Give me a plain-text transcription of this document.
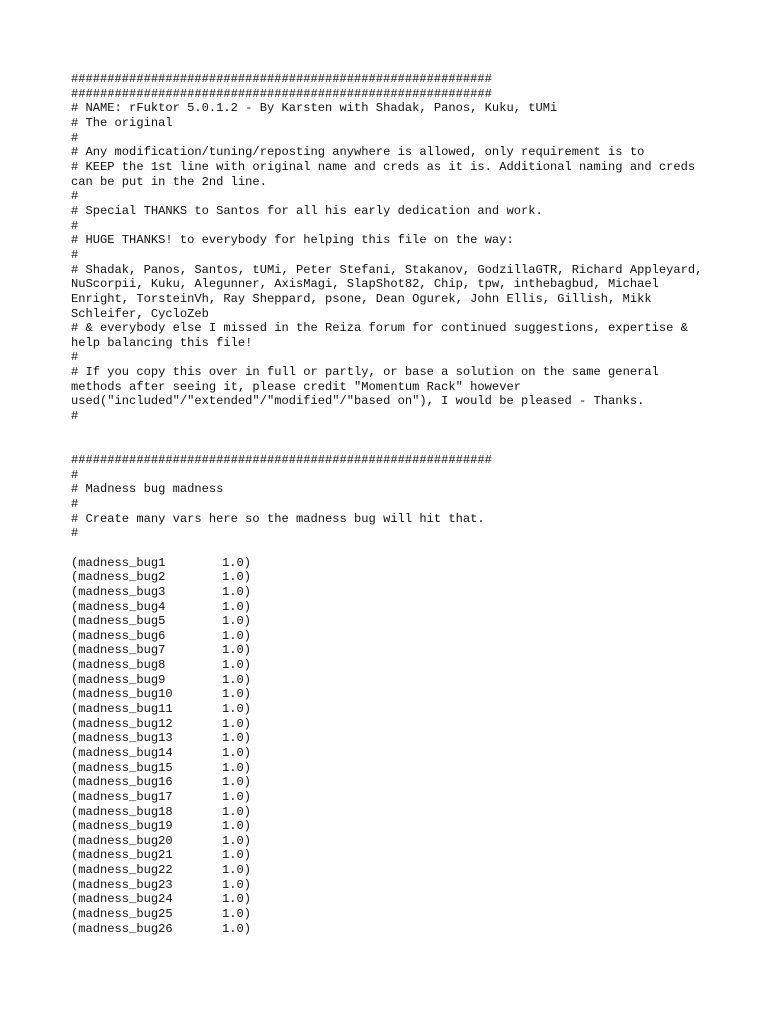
##########################################################
##########################################################
# NAME: rFuktor 5.0.1.2 - By Karsten with Shadak, Panos, Kuku, tUMi
# The original
#
# Any modification/tuning/reposting anywhere is allowed, only requirement is to
# KEEP the 1st line with original name and creds as it is. Additional naming and creds can be put in the 2nd line.
#
# Special THANKS to Santos for all his early dedication and work.
#
# HUGE THANKS! to everybody for helping this file on the way:
#
# Shadak, Panos, Santos, tUMi, Peter Stefani, Stakanov, GodzillaGTR, Richard Appleyard, NuScorpii, Kuku, Alegunner, AxisMagi, SlapShot82, Chip, tpw, inthebagbud, Michael Enright, TorsteinVh, Ray Sheppard, psone, Dean Ogurek, John Ellis, Gillish, Mikk Schleifer, CycloZeb
# & everybody else I missed in the Reiza forum for continued suggestions, expertise & help balancing this file!
#
# If you copy this over in full or partly, or base a solution on the same general methods after seeing it, please credit "Momentum Rack" however used("included"/"extended"/"modified"/"based on"), I would be pleased - Thanks.
#
##########################################################
#
# Madness bug madness
#
# Create many vars here so the madness bug will hit that.
#
(madness_bug1	1.0)
(madness_bug2	1.0)
(madness_bug3	1.0)
(madness_bug4	1.0)
(madness_bug5	1.0)
(madness_bug6	1.0)
(madness_bug7	1.0)
(madness_bug8	1.0)
(madness_bug9	1.0)
(madness_bug10	1.0)
(madness_bug11	1.0)
(madness_bug12	1.0)
(madness_bug13	1.0)
(madness_bug14	1.0)
(madness_bug15	1.0)
(madness_bug16	1.0)
(madness_bug17	1.0)
(madness_bug18	1.0)
(madness_bug19	1.0)
(madness_bug20	1.0)
(madness_bug21	1.0)
(madness_bug22	1.0)
(madness_bug23	1.0)
(madness_bug24	1.0)
(madness_bug25	1.0)
(madness_bug26	1.0)
